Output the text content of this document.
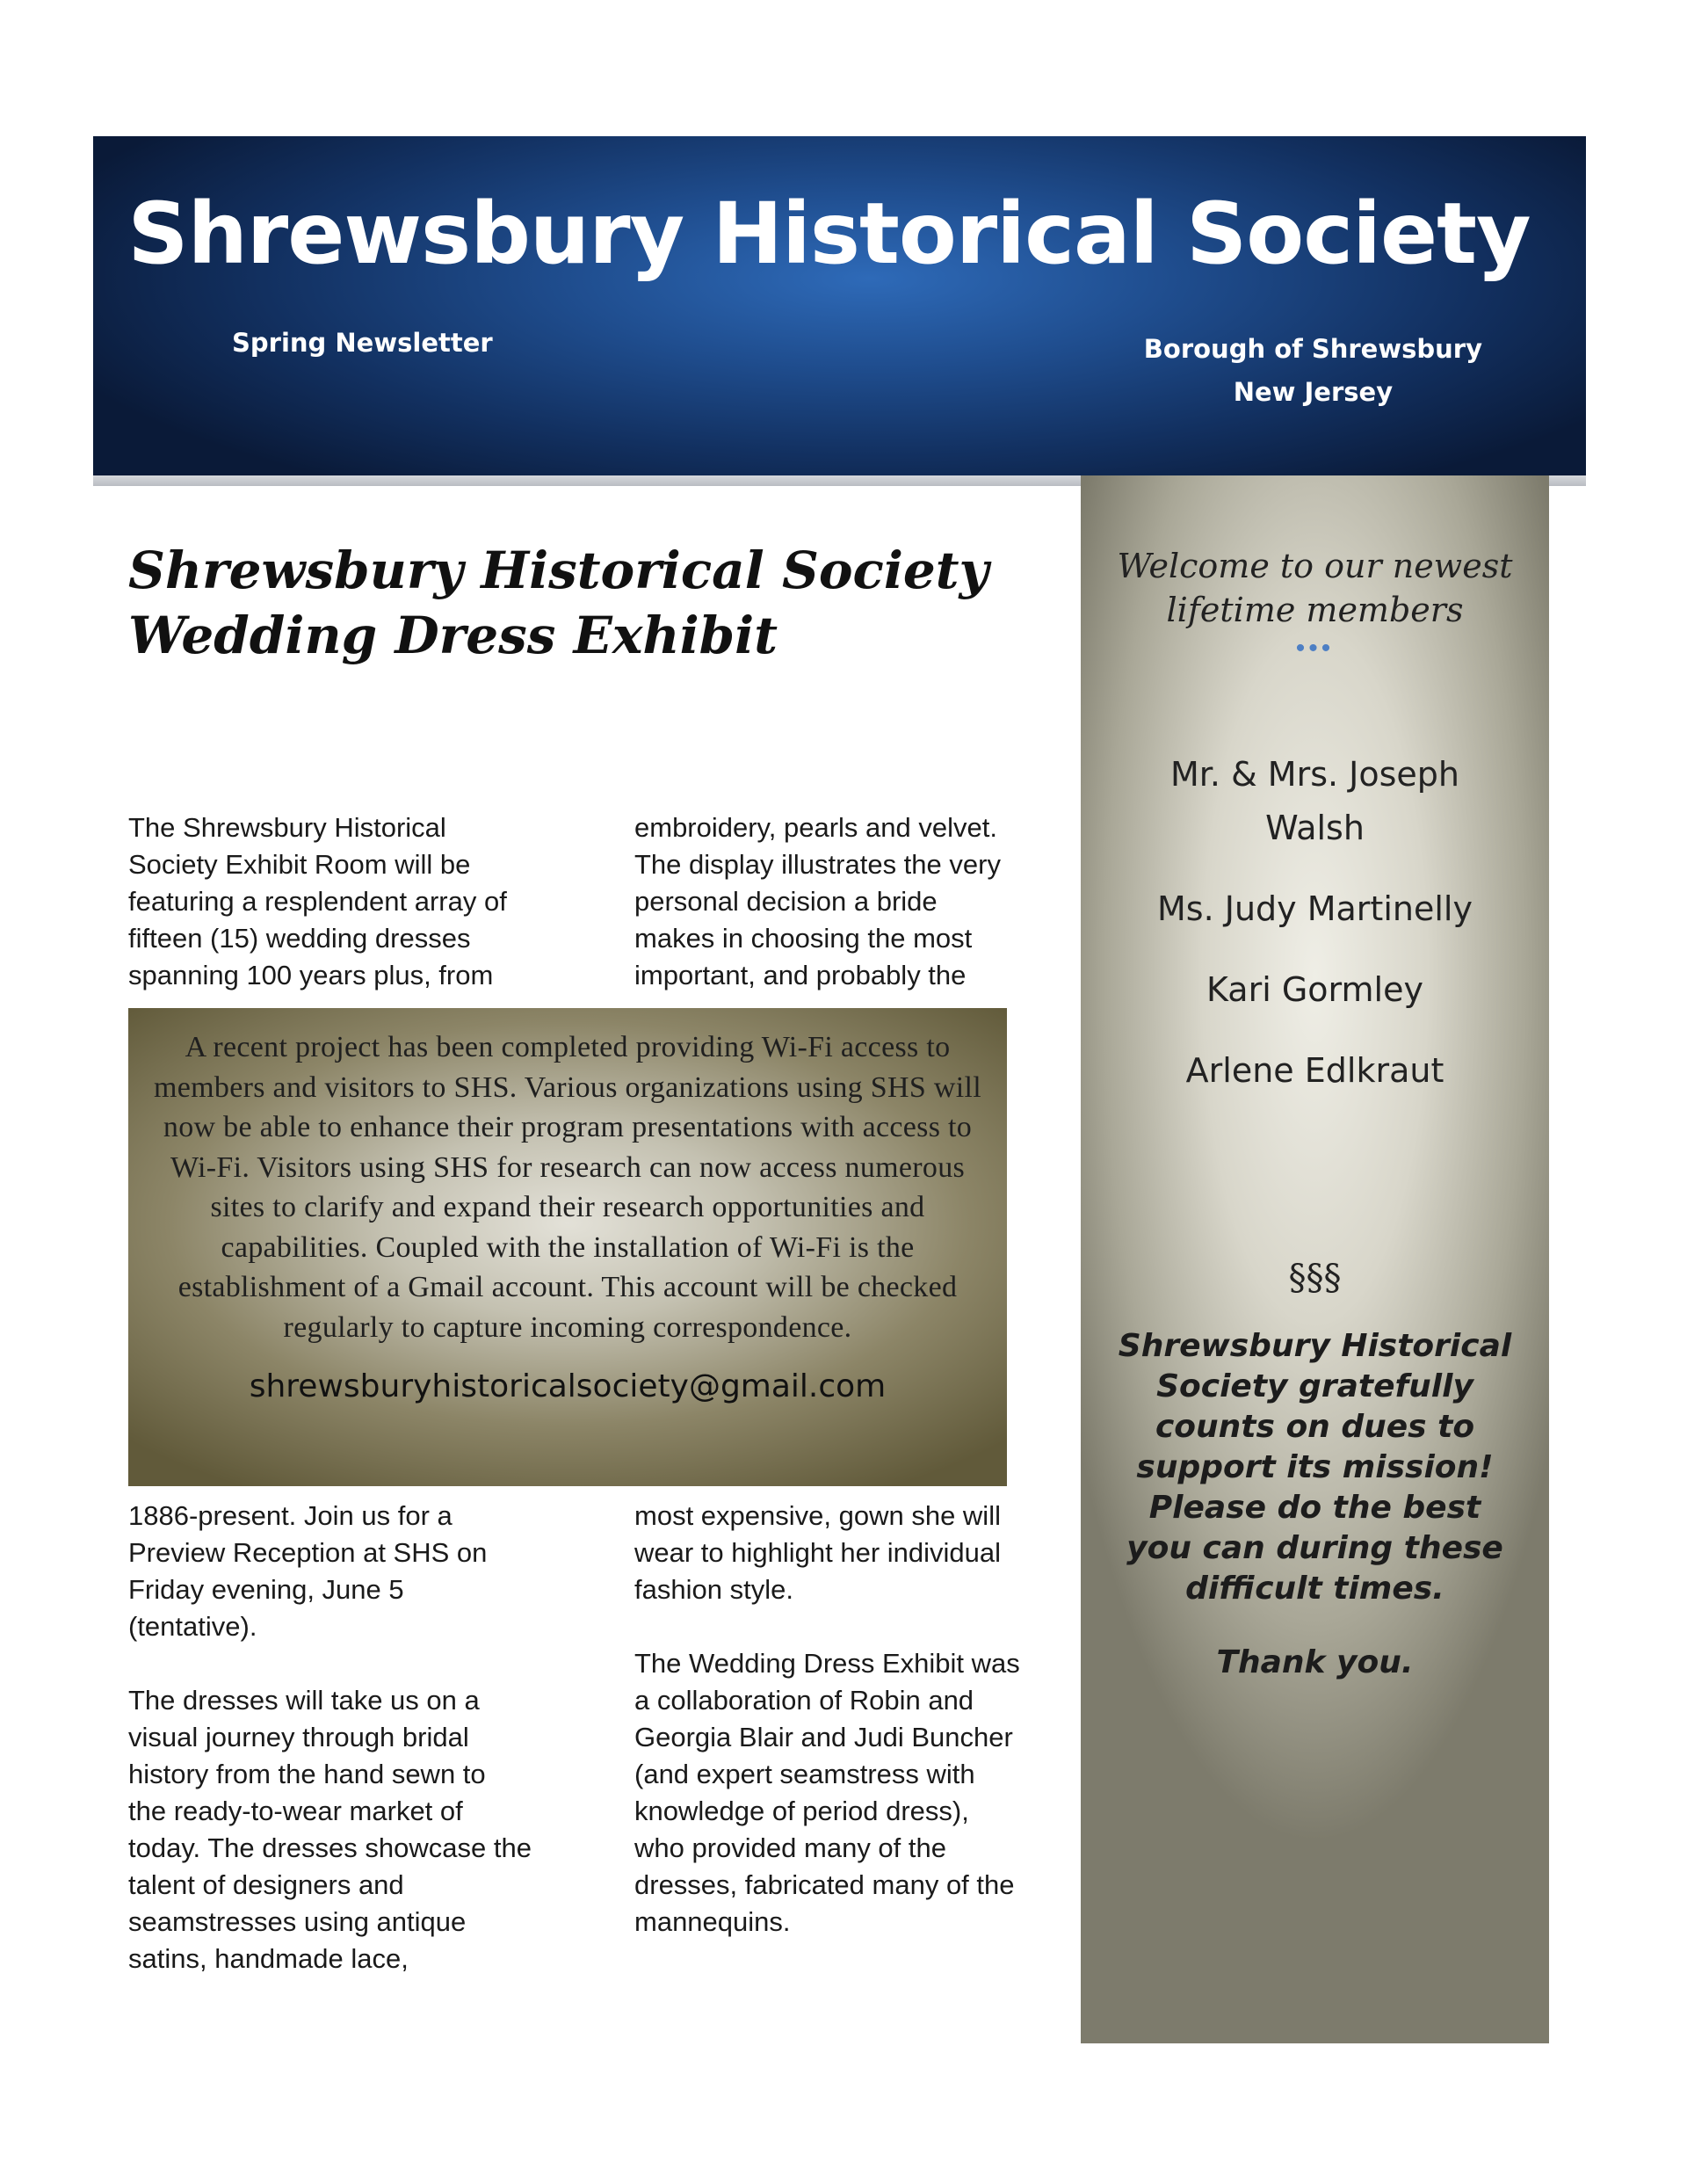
Shrewsbury Historical Society
Spring Newsletter	Borough of Shrewsbury
New Jersey
Shrewsbury Historical Society
Wedding Dress Exhibit
The Shrewsbury Historical
Society Exhibit Room will be
featuring a resplendent array of
fifteen (15) wedding dresses
spanning 100 years plus, from
embroidery, pearls and velvet.
The display illustrates the very
personal decision a bride
makes in choosing the most
important, and probably the
A recent project has been completed providing Wi-Fi access to members and visitors to SHS. Various organizations using SHS will now be able to enhance their program presentations with access to Wi-Fi. Visitors using SHS for research can now access numerous sites to clarify and expand their research opportunities and capabilities. Coupled with the installation of Wi-Fi is the establishment of a Gmail account. This account will be checked regularly to capture incoming correspondence.
shrewsburyhistoricalsociety@gmail.com
1886-present. Join us for a
Preview Reception at SHS on
Friday evening, June 5
(tentative).

The dresses will take us on a
visual journey through bridal
history from the hand sewn to
the ready-to-wear market of
today. The dresses showcase the
talent of designers and
seamstresses using antique
satins, handmade lace,
most expensive, gown she will
wear to highlight her individual
fashion style.

The Wedding Dress Exhibit was
a collaboration of Robin and
Georgia Blair and Judi Buncher
(and expert seamstress with
knowledge of period dress),
who provided many of the
dresses, fabricated many of the
mannequins.
Welcome to our newest
lifetime members
•••
Mr. & Mrs. Joseph Walsh
Ms. Judy Martinelly
Kari Gormley
Arlene Edlkraut
§§§
Shrewsbury Historical Society gratefully counts on dues to support its mission! Please do the best you can during these difficult times.
Thank you.
